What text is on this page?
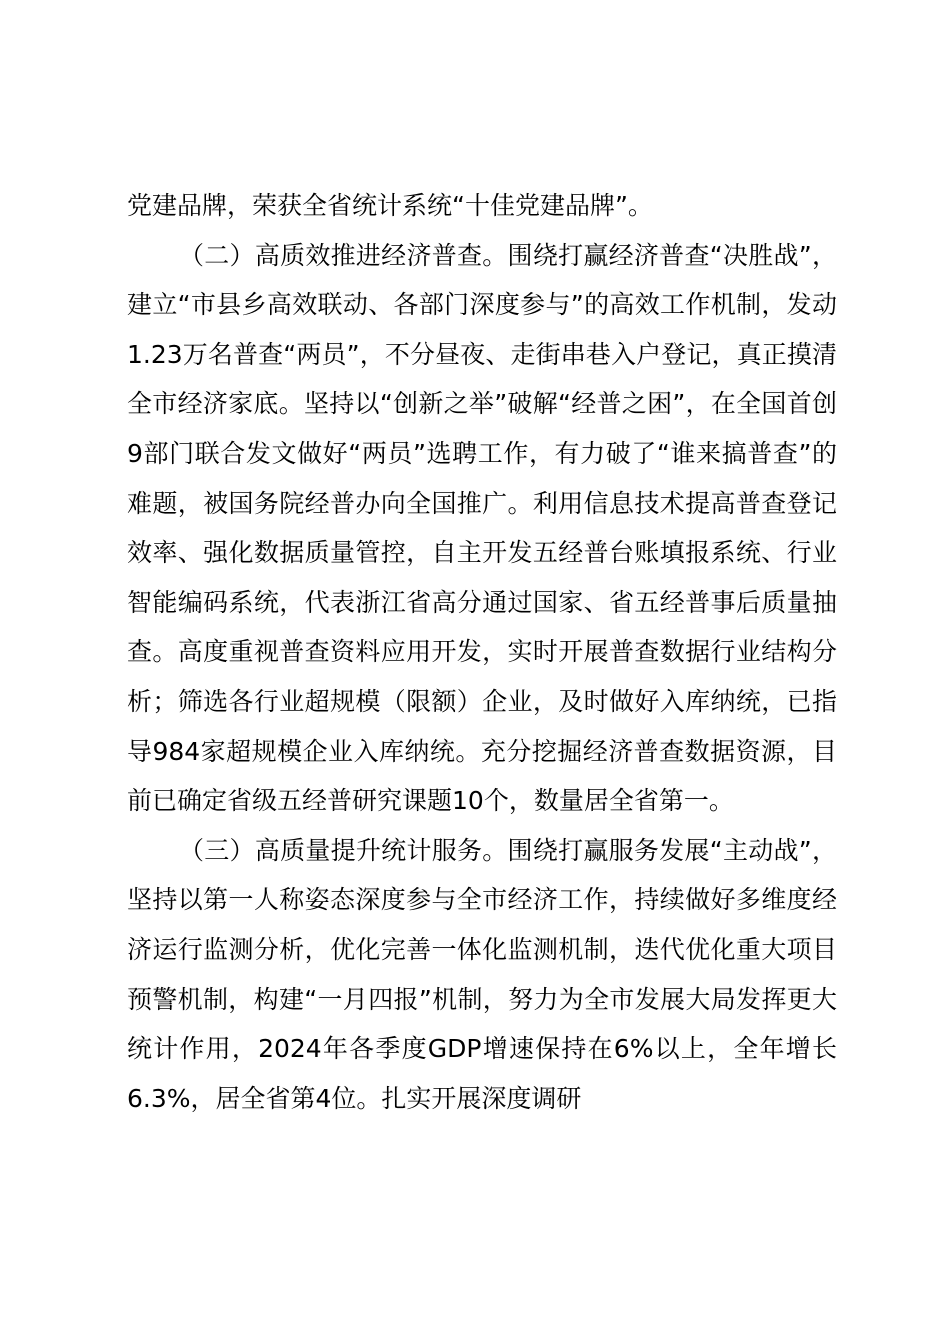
党建品牌，荣获全省统计系统“十佳党建品牌”。

（二）高质效推进经济普查。围绕打赢经济普查“决胜战”，建立“市县乡高效联动、各部门深度参与”的高效工作机制，发动1.23万名普查“两员”，不分昼夜、走街串巷入户登记，真正摸清全市经济家底。坚持以“创新之举”破解“经普之困”，在全国首创9部门联合发文做好“两员”选聘工作，有力破了“谁来搞普查”的难题，被国务院经普办向全国推广。利用信息技术提高普查登记效率、强化数据质量管控，自主开发五经普台账填报系统、行业智能编码系统，代表浙江省高分通过国家、省五经普事后质量抽查。高度重视普查资料应用开发，实时开展普查数据行业结构分析；筛选各行业超规模（限额）企业，及时做好入库纳统，已指导984家超规模企业入库纳统。充分挖掘经济普查数据资源，目前已确定省级五经普研究课题10个，数量居全省第一。

（三）高质量提升统计服务。围绕打赢服务发展“主动战”，坚持以第一人称姿态深度参与全市经济工作，持续做好多维度经济运行监测分析，优化完善一体化监测机制，迭代优化重大项目预警机制，构建“一月四报”机制，努力为全市发展大局发挥更大统计作用，2024年各季度GDP增速保持在6%以上，全年增长6.3%，居全省第4位。扎实开展深度调研
